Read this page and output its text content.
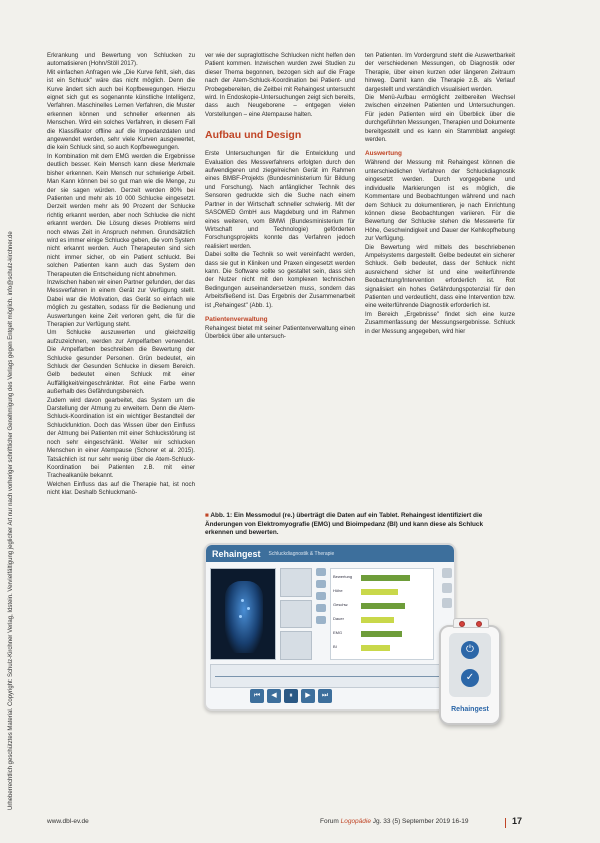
Urheberrechtlich geschütztes Material. Copyright: Schulz-Kirchner Verlag, Idstein. Vervielfältigung jeglicher Art nur nach vorheriger schriftlicher Genehmigung des Verlags gegen Entgelt möglich. info@schulz-kirchner.de

Erkrankung und Bewertung von Schlucken zu automatisieren (Hohn/Stöll 2017).

Mit einfachen Anfragen wie „Die Kurve fehlt, sieh, das ist ein Schluck" wäre das nicht möglich. Denn die Kurve ändert sich auch bei Kopfbewegungen. Hierzu eignet sich gut es sogenannte künstliche Intelligenz, Verfahren. Maschinelles Lernen Verfahren, die Muster erkennen können und schneller erkennen als Menschen. Wird ein solches Verfahren, in diesem Fall die Klassifikator offline auf die Impedanzdaten und angewendet werden, sehr viele Kurven ausgewertet, die kein Schluck sind, so auch Kopfbewegungen.

In Kombination mit dem EMG werden die Ergebnisse deutlich besser. Kein Mensch kann diese Merkmale bisher erkennen. Kein Mensch nur schwierige Arbeit. Man Kann können bei so gut man wie die Menge, zu der sie sagen würden. Derzeit werden 80% bei Patienten und mehr als 10 000 Schlucke eingesetzt. Derzeit werden mehr als 90 Prozent der Schlucke richtig erkannt werden, aber noch Schlucke die nicht erkannt werden. Die Lösung dieses Problems wird noch etwas Zeit in Anspruch nehmen. Grundsätzlich wird es immer einige Schlucke geben, die vom System nicht erkannt werden. Auch Therapeuten sind sich nicht immer sicher, ob ein Patient schluckt. Bei solchen Patienten kann auch das System den Therapeuten die Entscheidung nicht abnehmen.

Inzwischen haben wir einen Partner gefunden, der das Messverfahren in einem Gerät zur Verfügung stellt. Dabei war die Motivation, das Gerät so einfach wie möglich zu gestalten, sodass für die Bedienung und Auswertungen keine Zeit verloren geht, die für die Therapien zur Verfügung steht.

Um Schlucke auszuwerten und gleichzeitig aufzuzeichnen, werden zur Ampelfarben verwendet. Die Ampelfarben beschreiben die Bewertung der Schlucke gesunder Personen. Grün bedeutet, ein Schluck der Gesunden Schlucke in diesem Bereich. Gelb bedeutet einen Schluck mit einer Auffälligkeit/eingeschränkter. Rot eine Farbe wenn außerhalb des Gefährdungsbereich.

Zudem wird davon gearbeitet, das System um die Darstellung der Atmung zu erweitern. Denn die Atem-Schluck-Koordination ist ein wichtiger Bestandteil der Schluckfunktion. Doch das Wissen über den Einfluss der Atmung bei Patienten mit einer Schluckstörung ist noch sehr eingeschränkt. Weiter wir schlucken Menschen in einer Atempause (Schorer et al. 2015). Tatsächlich ist nur sehr wenig über die Atem-Schluck-Koordination bei Patienten z.B. mit einer Trachealkanüle bekannt.

Welchen Einfluss das auf die Therapie hat, ist noch nicht klar. Deshalb Schluckmanö-

ver wie der supraglottische Schlucken nicht helfen den Patient kommen. Inzwischen wurden zwei Studien zu dieser Thema begonnen, bezogen sich auf die Frage nach der Atem-Schluck-Koordination bei Patient- und Probegebereiten, die Zeitbei mit Rehaingest untersucht wird. In Endoskopie-Untersuchungen zeigt sich bereits, dass auch Neugeborene – entgegen vielen Vorstellungen – eine Atempause halten.

Aufbau und Design

Erste Untersuchungen für die Entwicklung und Evaluation des Messverfahrens erfolgten durch den aufwendigeren und ziegelreichen Gerät im Rahmen eines BMBF-Projekts (Bundesministerium für Bildung und Forschung). Nach anfänglicher Technik des Sensoren gedruckte sich die Suche nach einem Partner in der Wirtschaft schneller schwierig. Mit der SASOMED GmbH aus Magdeburg und im Rahmen eines weiteren, vom BMWi (Bundesministerium für Wirtschaft und Technologie) geförderten Forschungsprojekts konnte das Verfahren jedoch realisiert werden.

Dabei sollte die Technik so weit vereinfacht werden, dass sie gut in Kliniken und Praxen eingesetzt werden kann. Die Software sollte so gestaltet sein, dass sich der Nutzer nicht mit den komplexen technischen Bedingungen auseinandersetzen muss, sondern das Arbeitsfließend ist. Das Ergebnis der Zusammenarbeit ist „Rehaingest" (Abb. 1).

Patientenverwaltung

Rehaingest bietet mit seiner Patientenverwaltung einen Überblick über alle untersuch-

ten Patienten. Im Vordergrund steht die Auswertbarkeit der verschiedenen Messungen, ob Diagnostik oder Therapie, über einen kurzen oder längeren Zeitraum hinweg. Damit kann die Therapie z.B. als Verlauf dargestellt und verständlich visualisiert werden.

Die Menü-Aufbau ermöglicht zeitbereiten Wechsel zwischen einzelnen Patienten und Untersuchungen. Für jeden Patienten wird ein Überblick über die durchgeführten Messungen, Therapien und Dokumente bereitgestellt und es kann ein Stammblatt angelegt werden.

Auswertung

Während der Messung mit Rehaingest können die unterschiedlichen Verfahren der Schluckdiagnostik eingesetzt werden. Durch vorgegebene und individuelle Markierungen ist es möglich, die Kommentare und Beobachtungen während und nach dem Schluck zu dokumentieren, je nach Einrichtung können diese Beobachtungen variieren. Für die Bewertung der Schlucke stehen die Messwerte für Höhe, Geschwindigkeit und Dauer der Kehlkopfhebung zur Verfügung.

Die Bewertung wird mittels des beschriebenen Ampelsystems dargestellt. Gelbe bedeutet ein sicherer Schluck. Gelb bedeutet, dass der Schluck nicht ausreichend sicher ist und eine weiterführende Beobachtung/Intervention erforderlich ist. Rot signalisiert ein hohes Gefährdungspotenzial für den Patienten und verdeutlicht, dass eine Intervention bzw. eine weiterführende Diagnostik erforderlich ist.

Im Bereich „Ergebnisse" findet sich eine kurze Zusammenfassung der Messungsergebnisse. Schluck in der Messung angegeben, wird hier

■ Abb. 1: Ein Messmodul (re.) überträgt die Daten auf ein Tablet. Rehaingest identifiziert die Änderungen von Elektromyografie (EMG) und Bioimpedanz (BI) und kann diese als Schluck erkennen und bewerten.
Rehaingest Schluckdiagnostik & Therapie
Bewertung
Höhe
Geschw.
Dauer
EMG
BI
⏮	◀	⏸	▶	⏭
⏻
✓
Rehaingest
www.dbl-ev.de	Forum Logopädie Jg. 33 (5) September 2019 16-19	17
